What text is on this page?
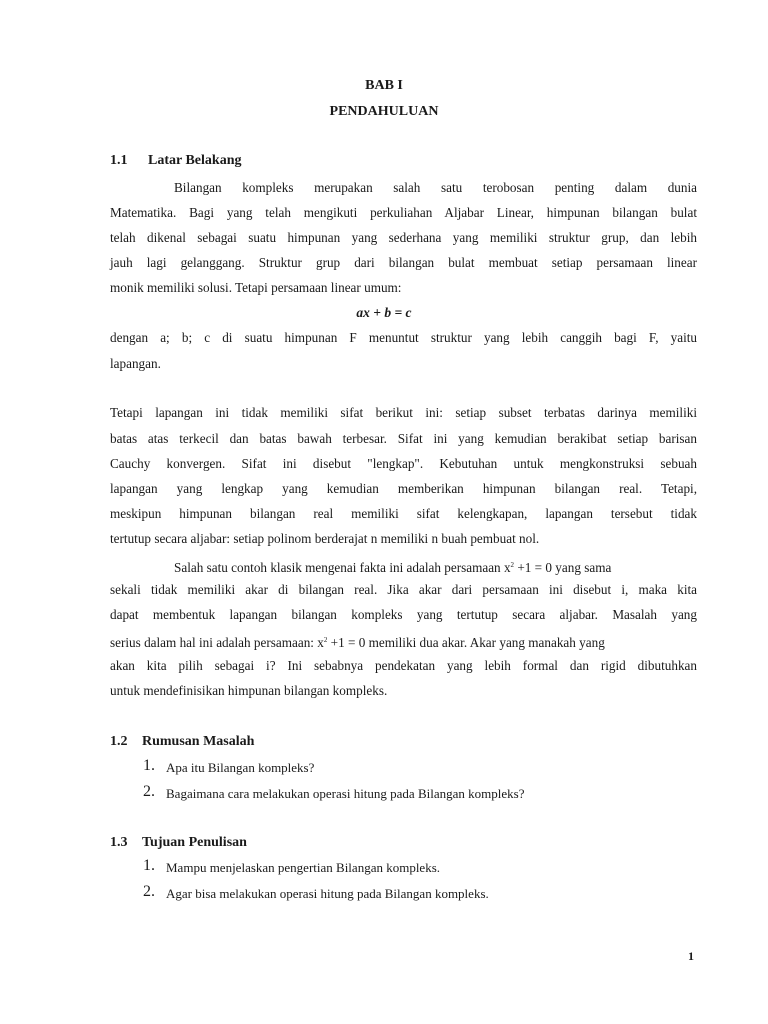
BAB I
PENDAHULUAN
1.1 Latar Belakang
Bilangan kompleks merupakan salah satu terobosan penting dalam dunia
Matematika. Bagi yang telah mengikuti perkuliahan Aljabar Linear, himpunan bilangan bulat
telah dikenal sebagai suatu himpunan yang sederhana yang memiliki struktur grup, dan lebih
jauh lagi gelanggang. Struktur grup dari bilangan bulat membuat setiap persamaan linear
monik memiliki solusi. Tetapi persamaan linear umum:
ax + b = c
dengan a; b; c di suatu himpunan F menuntut struktur yang lebih canggih bagi F, yaitu
lapangan.
Tetapi lapangan ini tidak memiliki sifat berikut ini: setiap subset terbatas darinya memiliki
batas atas terkecil dan batas bawah terbesar. Sifat ini yang kemudian berakibat setiap barisan
Cauchy konvergen. Sifat ini disebut "lengkap". Kebutuhan untuk mengkonstruksi sebuah
lapangan yang lengkap yang kemudian memberikan himpunan bilangan real. Tetapi,
meskipun himpunan bilangan real memiliki sifat kelengkapan, lapangan tersebut tidak
tertutup secara aljabar: setiap polinom berderajat n memiliki n buah pembuat nol.
Salah satu contoh klasik mengenai fakta ini adalah persamaan $x^2 +1 = 0$ yang sama
sekali tidak memiliki akar di bilangan real. Jika akar dari persamaan ini disebut i, maka kita
dapat membentuk lapangan bilangan kompleks yang tertutup secara aljabar. Masalah yang
serius dalam hal ini adalah persamaan: $x^2 +1 = 0$ memiliki dua akar. Akar yang manakah yang
akan kita pilih sebagai i? Ini sebabnya pendekatan yang lebih formal dan rigid dibutuhkan
untuk mendefinisikan himpunan bilangan kompleks.
1.2 Rumusan Masalah
1. Apa itu Bilangan kompleks?
2. Bagaimana cara melakukan operasi hitung pada Bilangan kompleks?
1.3 Tujuan Penulisan
1. Mampu menjelaskan pengertian Bilangan kompleks.
2. Agar bisa melakukan operasi hitung pada Bilangan kompleks.
1
